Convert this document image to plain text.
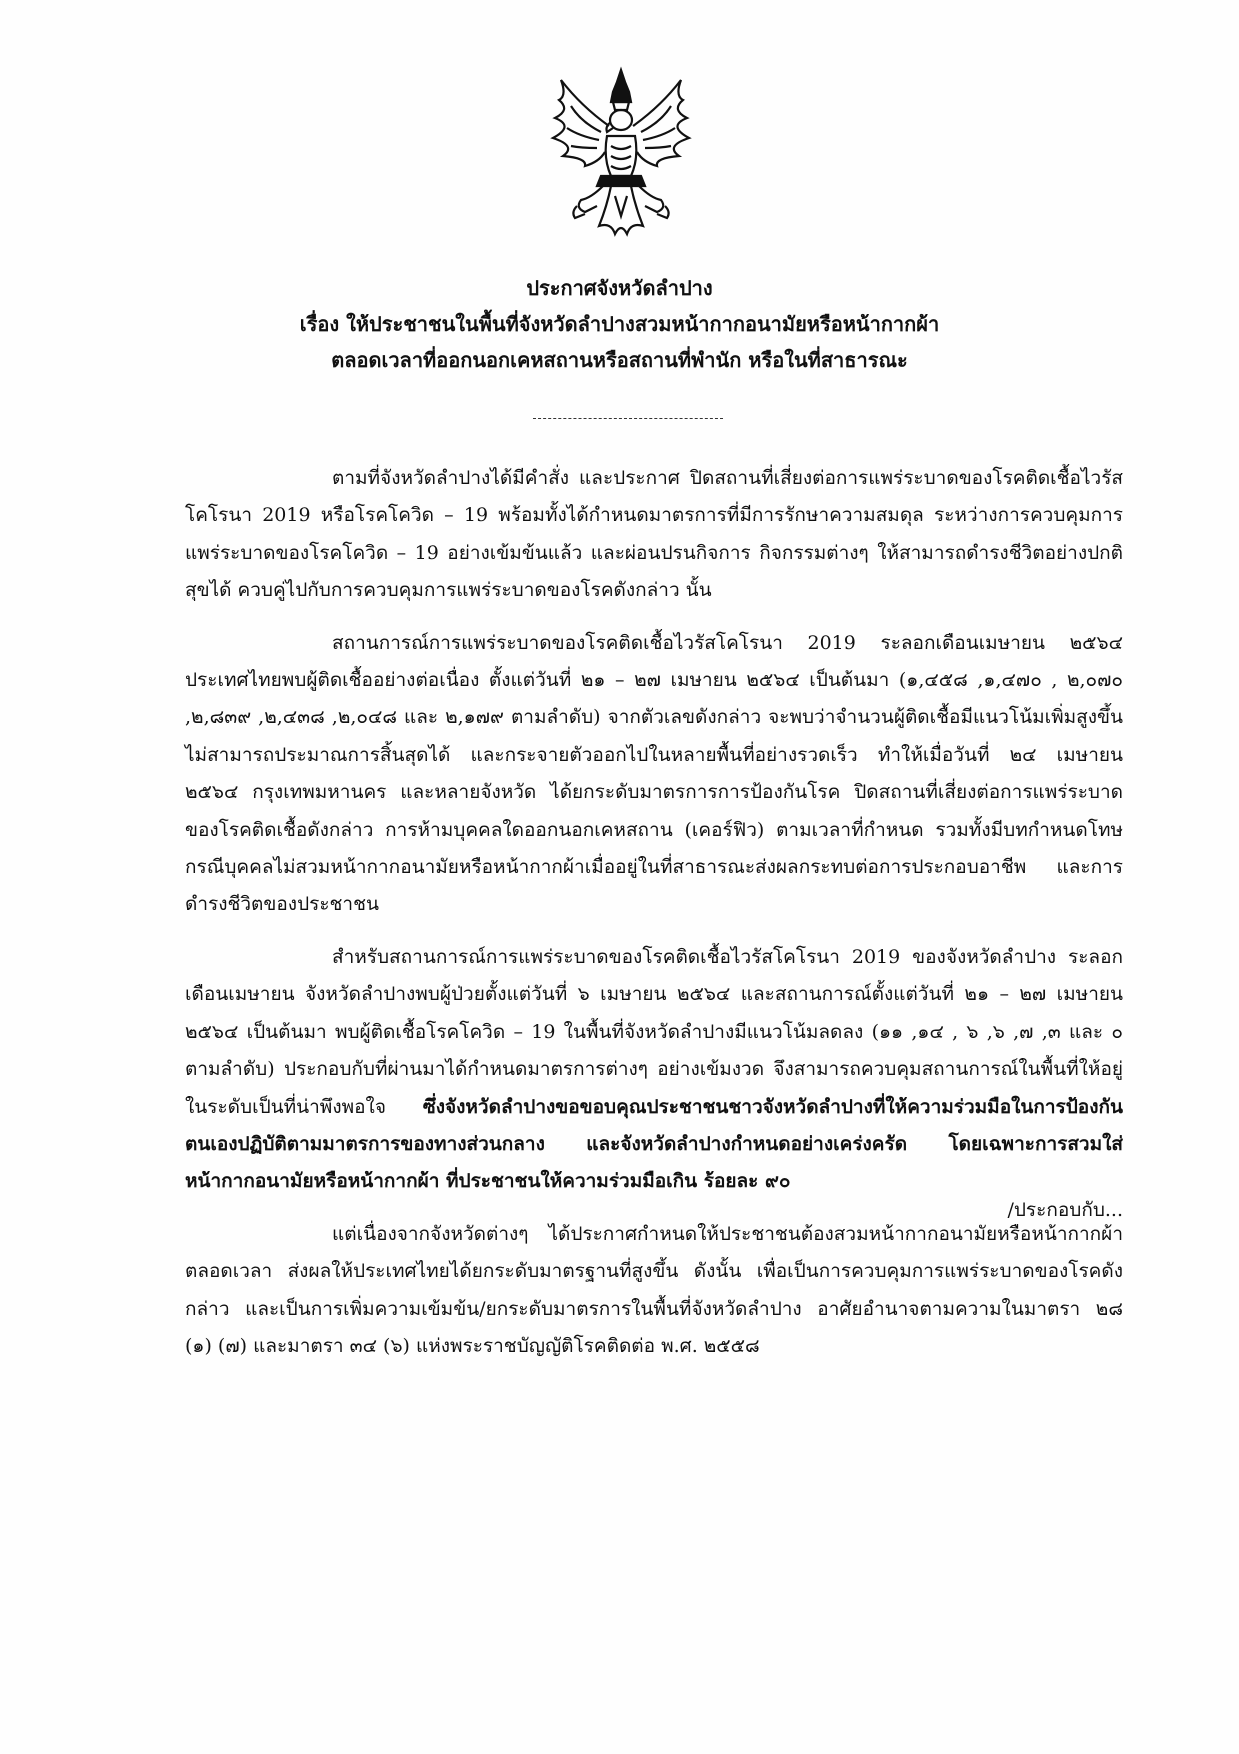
ประกาศจังหวัดลำปาง

เรื่อง ให้ประชาชนในพื้นที่จังหวัดลำปางสวมหน้ากากอนามัยหรือหน้ากากผ้า

ตลอดเวลาที่ออกนอกเคหสถานหรือสถานที่พำนัก หรือในที่สาธารณะ

ตามที่จังหวัดลำปางได้มีคำสั่ง และประกาศ ปิดสถานที่เสี่ยงต่อการแพร่ระบาดของโรคติดเชื้อไวรัสโคโรนา 2019 หรือโรคโควิด – 19 พร้อมทั้งได้กำหนดมาตรการที่มีการรักษาความสมดุล ระหว่างการควบคุมการแพร่ระบาดของโรคโควิด – 19 อย่างเข้มข้นแล้ว และผ่อนปรนกิจการ กิจกรรมต่างๆ ให้สามารถดำรงชีวิตอย่างปกติสุขได้ ควบคู่ไปกับการควบคุมการแพร่ระบาดของโรคดังกล่าว นั้น

สถานการณ์การแพร่ระบาดของโรคติดเชื้อไวรัสโคโรนา 2019 ระลอกเดือนเมษายน ๒๕๖๔ ประเทศไทยพบผู้ติดเชื้ออย่างต่อเนื่อง ตั้งแต่วันที่ ๒๑ – ๒๗ เมษายน ๒๕๖๔ เป็นต้นมา (๑,๔๕๘ ,๑,๔๗๐ , ๒,๐๗๐ ,๒,๘๓๙ ,๒,๔๓๘ ,๒,๐๔๘ และ ๒,๑๗๙ ตามลำดับ) จากตัวเลขดังกล่าว จะพบว่าจำนวนผู้ติดเชื้อมีแนวโน้มเพิ่มสูงขึ้นไม่สามารถประมาณการสิ้นสุดได้ และกระจายตัวออกไปในหลายพื้นที่อย่างรวดเร็ว ทำให้เมื่อวันที่ ๒๔ เมษายน ๒๕๖๔ กรุงเทพมหานคร และหลายจังหวัด ได้ยกระดับมาตรการการป้องกันโรค ปิดสถานที่เสี่ยงต่อการแพร่ระบาดของโรคติดเชื้อดังกล่าว การห้ามบุคคลใดออกนอกเคหสถาน (เคอร์ฟิว) ตามเวลาที่กำหนด รวมทั้งมีบทกำหนดโทษกรณีบุคคลไม่สวมหน้ากากอนามัยหรือหน้ากากผ้าเมื่ออยู่ในที่สาธารณะส่งผลกระทบต่อการประกอบอาชีพ และการดำรงชีวิตของประชาชน

สำหรับสถานการณ์การแพร่ระบาดของโรคติดเชื้อไวรัสโคโรนา 2019 ของจังหวัดลำปาง ระลอกเดือนเมษายน จังหวัดลำปางพบผู้ป่วยตั้งแต่วันที่ ๖ เมษายน ๒๕๖๔ และสถานการณ์ตั้งแต่วันที่ ๒๑ – ๒๗ เมษายน ๒๕๖๔ เป็นต้นมา พบผู้ติดเชื้อโรคโควิด – 19 ในพื้นที่จังหวัดลำปางมีแนวโน้มลดลง (๑๑ ,๑๔ , ๖ ,๖ ,๗ ,๓ และ ๐ ตามลำดับ) ประกอบกับที่ผ่านมาได้กำหนดมาตรการต่างๆ อย่างเข้มงวด จึงสามารถควบคุมสถานการณ์ในพื้นที่ให้อยู่ในระดับเป็นที่น่าพึงพอใจ ซึ่งจังหวัดลำปางขอขอบคุณประชาชนชาวจังหวัดลำปางที่ให้ความร่วมมือในการป้องกันตนเองปฏิบัติตามมาตรการของทางส่วนกลาง และจังหวัดลำปางกำหนดอย่างเคร่งครัด โดยเฉพาะการสวมใส่หน้ากากอนามัยหรือหน้ากากผ้า ที่ประชาชนให้ความร่วมมือเกิน ร้อยละ ๙๐

แต่เนื่องจากจังหวัดต่างๆ ได้ประกาศกำหนดให้ประชาชนต้องสวมหน้ากากอนามัยหรือหน้ากากผ้าตลอดเวลา ส่งผลให้ประเทศไทยได้ยกระดับมาตรฐานที่สูงขึ้น ดังนั้น เพื่อเป็นการควบคุมการแพร่ระบาดของโรคดังกล่าว และเป็นการเพิ่มความเข้มข้น/ยกระดับมาตรการในพื้นที่จังหวัดลำปาง อาศัยอำนาจตามความในมาตรา ๒๘ (๑) (๗) และมาตรา ๓๔ (๖) แห่งพระราชบัญญัติโรคติดต่อ พ.ศ. ๒๕๕๘

/ประกอบกับ...
